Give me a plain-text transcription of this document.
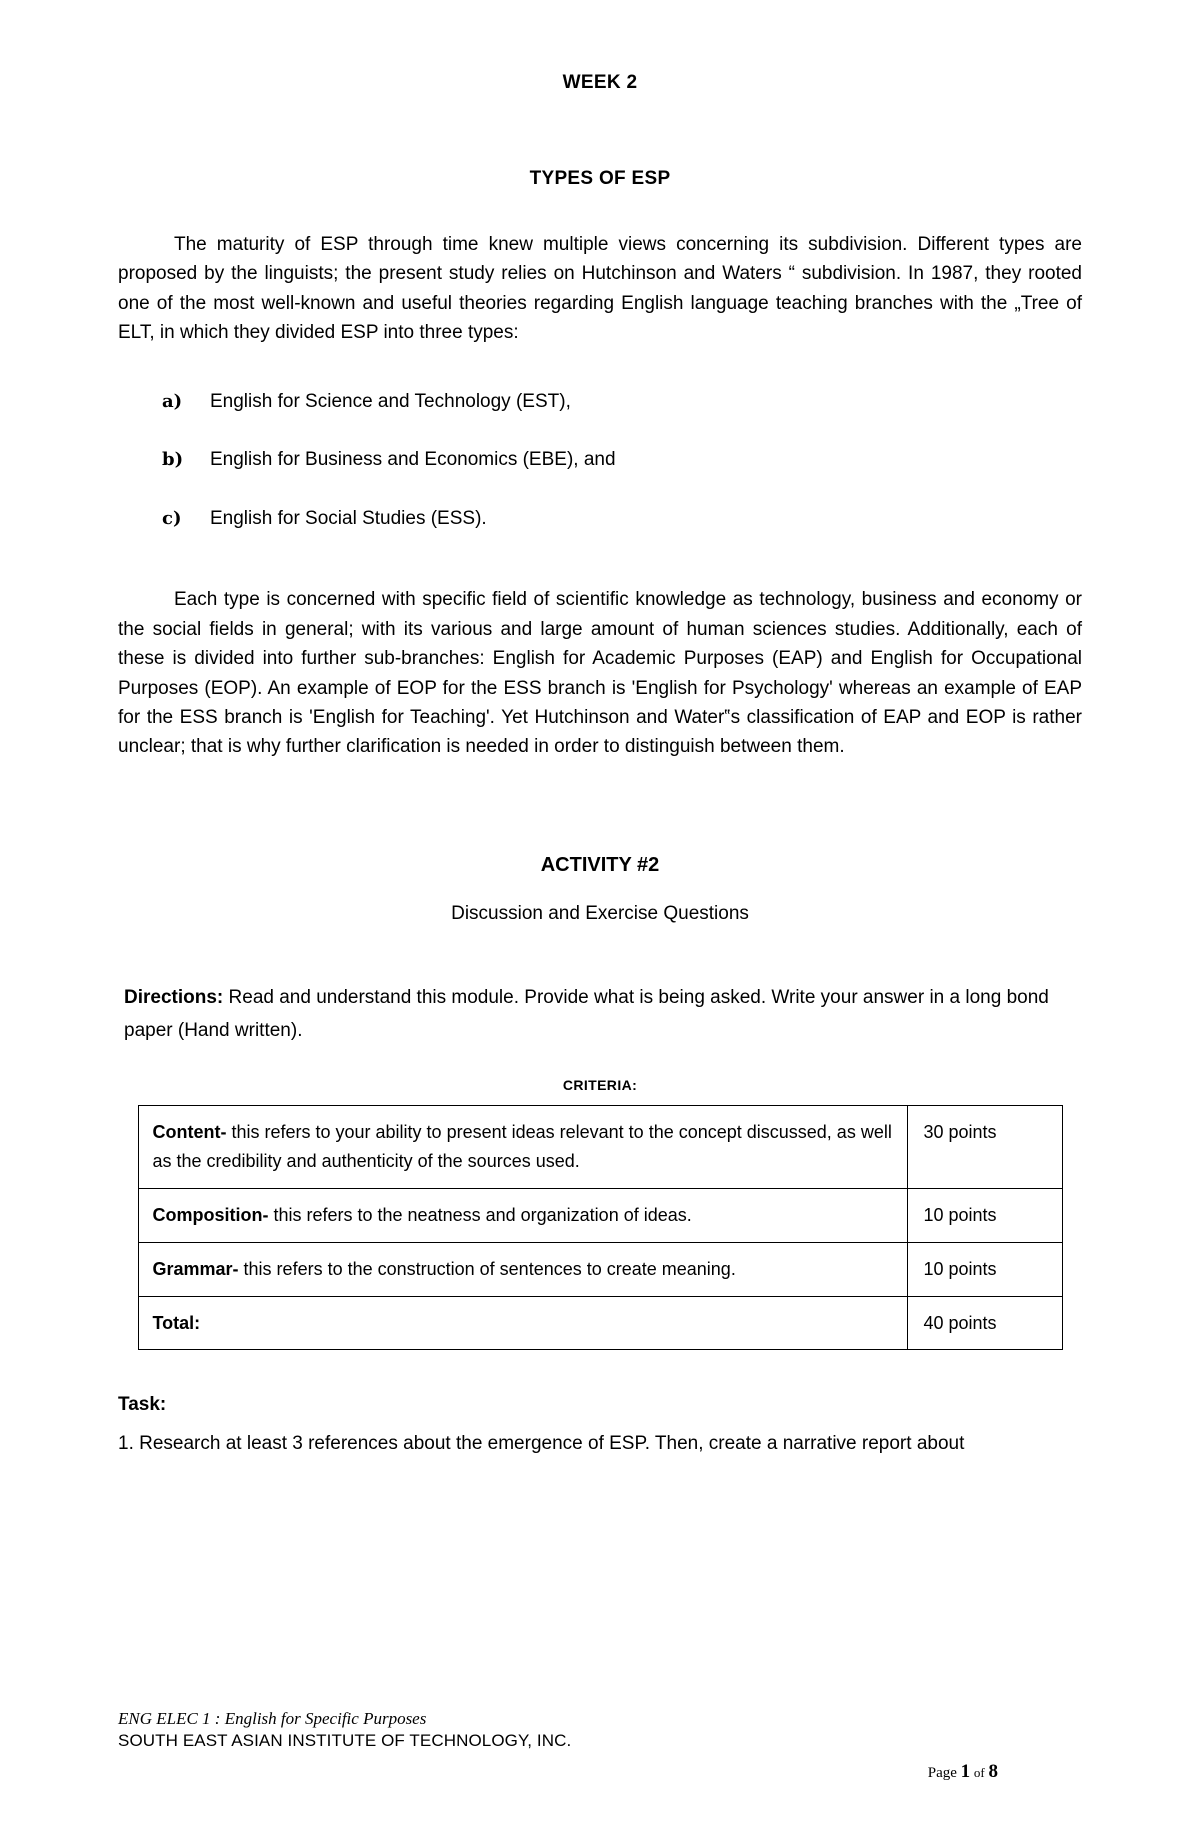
WEEK 2
TYPES OF ESP

The maturity of ESP through time knew multiple views concerning its subdivision. Different types are proposed by the linguists; the present study relies on Hutchinson and Waters “ subdivision. In 1987, they rooted one of the most well-known and useful theories regarding English language teaching branches with the „Tree of ELT, in which they divided ESP into three types:

a)	English for Science and Technology (EST),
b)	English for Business and Economics (EBE), and
c)	English for Social Studies (ESS).

Each type is concerned with specific field of scientific knowledge as technology, business and economy or the social fields in general; with its various and large amount of human sciences studies. Additionally, each of these is divided into further sub-branches: English for Academic Purposes (EAP) and English for Occupational Purposes (EOP). An example of EOP for the ESS branch is 'English for Psychology' whereas an example of EAP for the ESS branch is 'English for Teaching'. Yet Hutchinson and Water‟s classification of EAP and EOP is rather unclear; that is why further clarification is needed in order to distinguish between them.

ACTIVITY #2
Discussion and Exercise Questions

Directions: Read and understand this module. Provide what is being asked. Write your answer in a long bond paper (Hand written).

CRITERIA:
Content- this refers to your ability to present ideas relevant to the concept discussed, as well as the credibility and authenticity of the sources used.	30 points
Composition- this refers to the neatness and organization of ideas.	10 points
Grammar- this refers to the construction of sentences to create meaning.	10 points
Total:	40 points
Task:
1. Research at least 3 references about the emergence of ESP. Then, create a narrative report about
ENG ELEC 1 : English for Specific Purposes
SOUTH EAST ASIAN INSTITUTE OF TECHNOLOGY, INC.
Page 1 of 8
